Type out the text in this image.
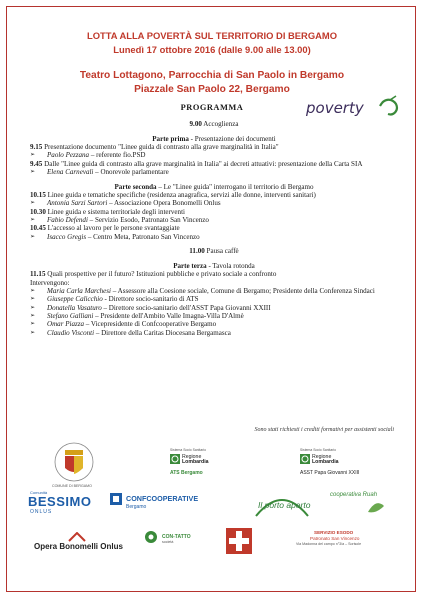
LOTTA ALLA POVERTÀ SUL TERRITORIO DI BERGAMO
Lunedì 17 ottobre 2016 (dalle 9.00 alle 13.00)
Teatro Lottagono, Parrocchia di San Paolo in Bergamo
Piazzale San Paolo 22, Bergamo
poverty
PROGRAMMA

9.00 Accoglienza

Parte prima - Presentazione dei documenti

9.15 Presentazione documento "Linee guida di contrasto alla grave marginalità in Italia"

➢	Paolo Pezzana – referente fio.PSD

9.45 Dalle "Linee guida di contrasto alla grave marginalità in Italia" ai decreti attuativi: presentazione della Carta SIA

➢	Elena Carnevali – Onorevole parlamentare

Parte seconda – Le "Linee guida" interrogano il territorio di Bergamo

10.15 Linee guida e tematiche specifiche (residenza anagrafica, servizi alle donne, interventi sanitari)

➢	Antonia Sarzi Sartori – Associazione Opera Bonomelli Onlus

10.30 Linee guida e sistema territoriale degli interventi

➢	Fabio Defendi – Servizio Esodo, Patronato San Vincenzo

10.45 L'accesso al lavoro per le persone svantaggiate

➢	Isacco Gregis – Centro Meta, Patronato San Vincenzo

11.00 Pausa caffè

Parte terza - Tavola rotonda

11.15 Quali prospettive per il futuro? Istituzioni pubbliche e privato sociale a confronto

Intervengono:

➢	Maria Carla Marchesi – Assessore alla Coesione sociale, Comune di Bergamo; Presidente della Conferenza Sindaci

➢	Giuseppe Calicchio - Direttore socio-sanitario di ATS

➢	Donatella Vasaturo – Direttore socio-sanitario dell'ASST Papa Giovanni XXIII

➢	Stefano Galliani – Presidente dell'Ambito Valle Imagna-Villa D'Almè

➢	Omar Piazza – Vicepresidente di Confcooperative Bergamo

➢	Claudio Visconti – Direttore della Caritas Diocesana Bergamasca

Sono stati richiesti i crediti formativi per assistenti sociali
COMUNE DI BERGAMO
Sistema Socio Sanitario
Regione
Lombardia
ATS Bergamo
Sistema Socio Sanitario
Regione
Lombardia
ASST Papa Giovanni XXIII
Comunità
BESSIMO
ONLUS
CONFCOOPERATIVE
Bergamo	Il porto aperto
cooperativa Ruah
Opera Bonomelli Onlus
CON-TATTO
società
SERVIZIO ESODO
Patronato San Vincenzo
Via Madonna del campo n°3/a – Sorisole
